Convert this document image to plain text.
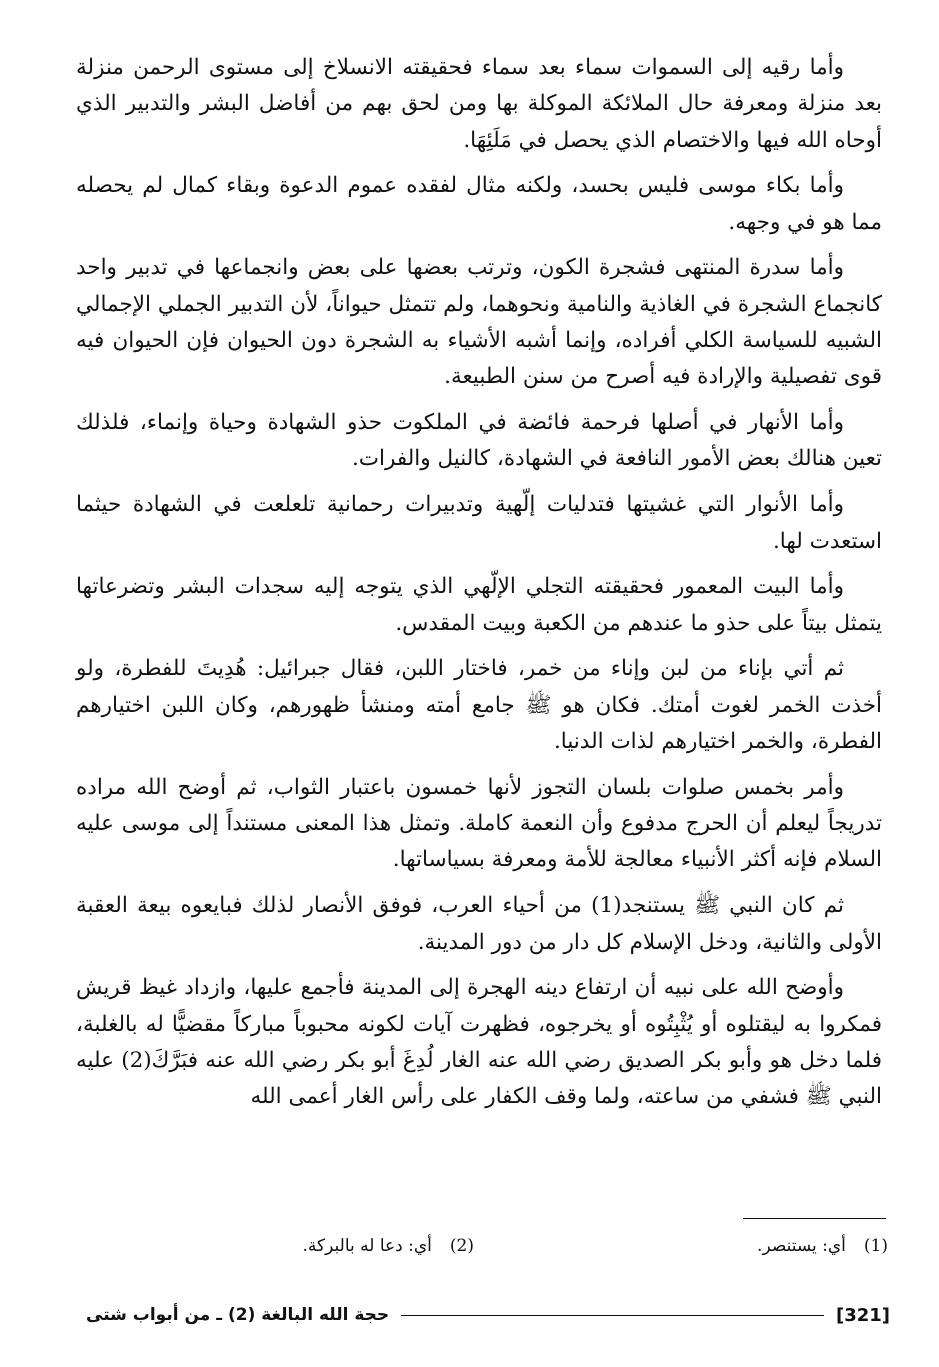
وأما رقيه إلى السموات سماء بعد سماء فحقيقته الانسلاخ إلى مستوى الرحمن منزلة بعد منزلة ومعرفة حال الملائكة الموكلة بها ومن لحق بهم من أفاضل البشر والتدبير الذي أوحاه الله فيها والاختصام الذي يحصل في مَلَئِهَا.

وأما بكاء موسى فليس بحسد، ولكنه مثال لفقده عموم الدعوة وبقاء كمال لم يحصله مما هو في وجهه.

وأما سدرة المنتهى فشجرة الكون، وترتب بعضها على بعض وانجماعها في تدبير واحد كانجماع الشجرة في الغاذية والنامية ونحوهما، ولم تتمثل حيواناً، لأن التدبير الجملي الإجمالي الشبيه للسياسة الكلي أفراده، وإنما أشبه الأشياء به الشجرة دون الحيوان فإن الحيوان فيه قوى تفصيلية والإرادة فيه أصرح من سنن الطبيعة.

وأما الأنهار في أصلها فرحمة فائضة في الملكوت حذو الشهادة وحياة وإنماء، فلذلك تعين هنالك بعض الأمور النافعة في الشهادة، كالنيل والفرات.

وأما الأنوار التي غشيتها فتدليات إلّهية وتدبيرات رحمانية تلعلعت في الشهادة حيثما استعدت لها.

وأما البيت المعمور فحقيقته التجلي الإلّهي الذي يتوجه إليه سجدات البشر وتضرعاتها يتمثل بيتاً على حذو ما عندهم من الكعبة وبيت المقدس.

ثم أتي بإناء من لبن وإناء من خمر، فاختار اللبن، فقال جبرائيل: هُدِيتَ للفطرة، ولو أخذت الخمر لغوت أمتك. فكان هو ﷺ جامع أمته ومنشأ ظهورهم، وكان اللبن اختيارهم الفطرة، والخمر اختيارهم لذات الدنيا.

وأمر بخمس صلوات بلسان التجوز لأنها خمسون باعتبار الثواب، ثم أوضح الله مراده تدريجاً ليعلم أن الحرج مدفوع وأن النعمة كاملة. وتمثل هذا المعنى مستنداً إلى موسى عليه السلام فإنه أكثر الأنبياء معالجة للأمة ومعرفة بسياساتها.

ثم كان النبي ﷺ يستنجد(1) من أحياء العرب، فوفق الأنصار لذلك فبايعوه بيعة العقبة الأولى والثانية، ودخل الإسلام كل دار من دور المدينة.

وأوضح الله على نبيه أن ارتفاع دينه الهجرة إلى المدينة فأجمع عليها، وازداد غيظ قريش فمكروا به ليقتلوه أو يُثْبِتُوه أو يخرجوه، فظهرت آيات لكونه محبوباً مباركاً مقضيًّا له بالغلبة، فلما دخل هو وأبو بكر الصديق رضي الله عنه الغار لُدِغَ أبو بكر رضي الله عنه فبَرَّكَ(2) عليه النبي ﷺ فشفي من ساعته، ولما وقف الكفار على رأس الغار أعمى الله

(1)أي: يستنصر.
(2)أي: دعا له بالبركة.
[321]
حجة الله البالغة (2) ـ من أبواب شتى
